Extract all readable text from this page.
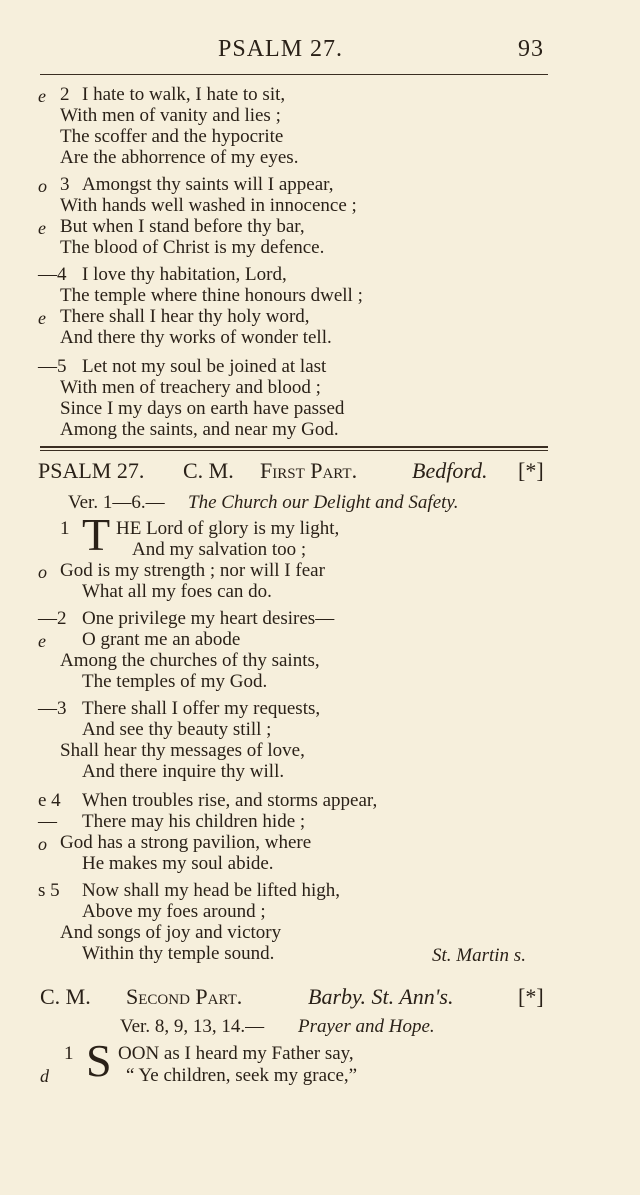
PSALM 27.	93
e 2 I hate to walk, I hate to sit,
With men of vanity and lies ;
The scoffer and the hypocrite
Are the abhorrence of my eyes.
o 3 Amongst thy saints will I appear,
With hands well washed in innocence ;
e But when I stand before thy bar,
The blood of Christ is my defence.
—4 I love thy habitation, Lord,
The temple where thine honours dwell ;
e There shall I hear thy holy word,
And there thy works of wonder tell.
—5 Let not my soul be joined at last
With men of treachery and blood ;
Since I my days on earth have passed
Among the saints, and near my God.
PSALM 27. C. M. First Part. Bedford. [*]
Ver. 1—6.— The Church our Delight and Safety.
1 T HE Lord of glory is my light,
And my salvation too ;
o God is my strength ; nor will I fear
What all my foes can do.
—2 One privilege my heart desires—
e O grant me an abode
Among the churches of thy saints,
The temples of my God.
—3 There shall I offer my requests,
And see thy beauty still ;
Shall hear thy messages of love,
And there inquire thy will.
e 4 When troubles rise, and storms appear,
— There may his children hide ;
o God has a strong pavilion, where
He makes my soul abide.
s 5 Now shall my head be lifted high,
Above my foes around ;
And songs of joy and victory
Within thy temple sound.	St. Martin s.
C. M. Second Part.	Barby. St. Ann's.	[*]
Ver. 8, 9, 13, 14.— Prayer and Hope.
1 S OON as I heard my Father say,
d	“ Ye children, seek my grace,”
